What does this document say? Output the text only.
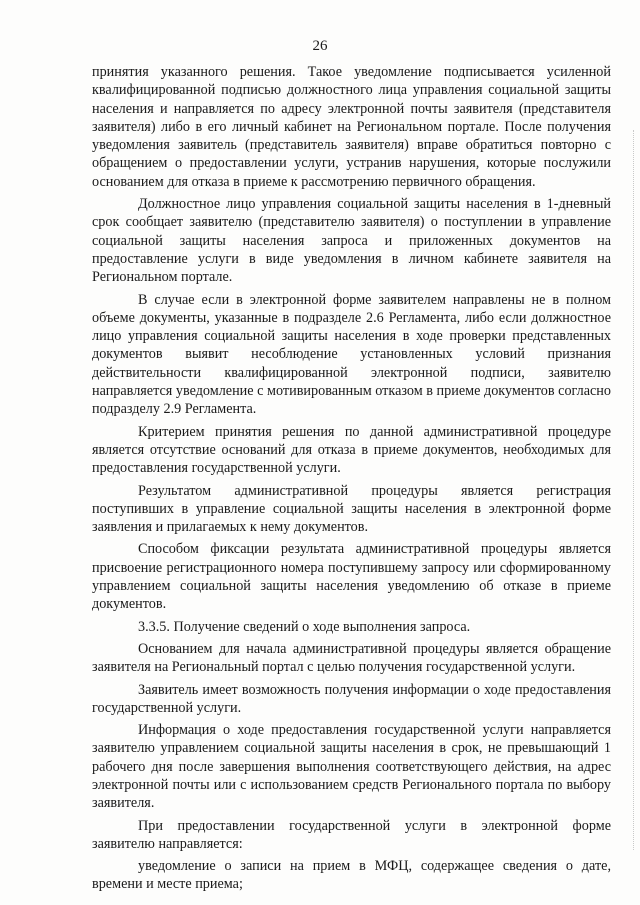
26

принятия указанного решения. Такое уведомление подписывается усиленной квалифицированной подписью должностного лица управления социальной защиты населения и направляется по адресу электронной почты заявителя (представителя заявителя) либо в его личный кабинет на Региональном портале. После получения уведомления заявитель (представитель заявителя) вправе обратиться повторно с обращением о предоставлении услуги, устранив нарушения, которые послужили основанием для отказа в приеме к рассмотрению первичного обращения.

Должностное лицо управления социальной защиты населения в 1-дневный срок сообщает заявителю (представителю заявителя) о поступлении в управление социальной защиты населения запроса и приложенных документов на предоставление услуги в виде уведомления в личном кабинете заявителя на Региональном портале.

В случае если в электронной форме заявителем направлены не в полном объеме документы, указанные в подразделе 2.6 Регламента, либо если должностное лицо управления социальной защиты населения в ходе проверки представленных документов выявит несоблюдение установленных условий признания действительности квалифицированной электронной подписи, заявителю направляется уведомление с мотивированным отказом в приеме документов согласно подразделу 2.9 Регламента.

Критерием принятия решения по данной административной процедуре является отсутствие оснований для отказа в приеме документов, необходимых для предоставления государственной услуги.

Результатом административной процедуры является регистрация поступивших в управление социальной защиты населения в электронной форме заявления и прилагаемых к нему документов.

Способом фиксации результата административной процедуры является присвоение регистрационного номера поступившему запросу или сформированному управлением социальной защиты населения уведомлению об отказе в приеме документов.

3.3.5. Получение сведений о ходе выполнения запроса.

Основанием для начала административной процедуры является обращение заявителя на Региональный портал с целью получения государственной услуги.

Заявитель имеет возможность получения информации о ходе предоставления государственной услуги.

Информация о ходе предоставления государственной услуги направляется заявителю управлением социальной защиты населения в срок, не превышающий 1 рабочего дня после завершения выполнения соответствующего действия, на адрес электронной почты или с использованием средств Регионального портала по выбору заявителя.

При предоставлении государственной услуги в электронной форме заявителю направляется:

уведомление о записи на прием в МФЦ, содержащее сведения о дате, времени и месте приема;
